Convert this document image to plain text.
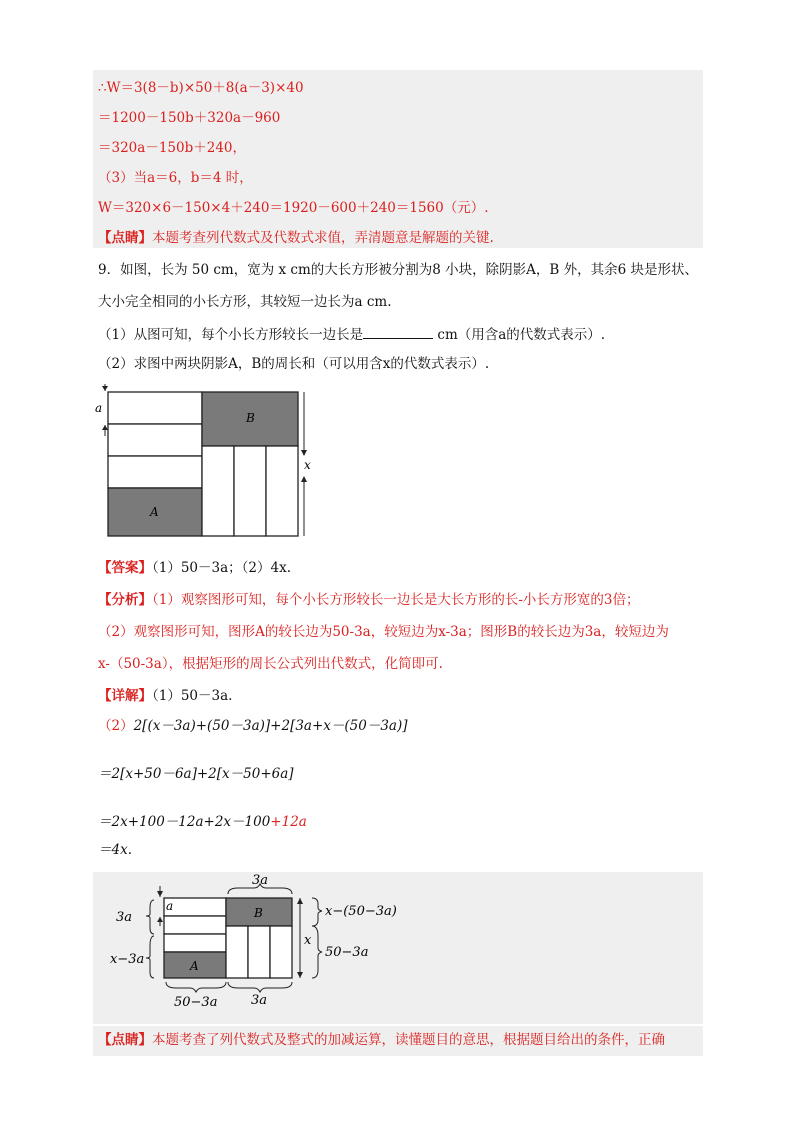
∴W＝3(8－b)×50＋8(a－3)×40
＝1200－150b＋320a－960
＝320a－150b＋240，
（3）当a＝6，b＝4 时，
W＝320×6－150×4＋240＝1920－600＋240＝1560（元）.
【点睛】本题考查列代数式及代数式求值，弄清题意是解题的关键.
9．如图，长为 50 cm，宽为 x cm的大长方形被分割为8 小块，除阴影A，B 外，其余6 块是形状、
大小完全相同的小长方形，其较短一边长为a cm.
（1）从图可知，每个小长方形较长一边长是	cm（用含a的代数式表示）.
（2）求图中两块阴影A，B的周长和（可以用含x的代数式表示）.
a
x
A
B
【答案】（1）50－3a；（2）4x.
【分析】（1）观察图形可知，每个小长方形较长一边长是大长方形的长-小长方形宽的3倍；
（2）观察图形可知，图形A的较长边为50-3a，较短边为x-3a；图形B的较长边为3a，较短边为
x-（50-3a），根据矩形的周长公式列出代数式，化简即可.
【详解】（1）50－3a.
（2）2[(x－3a)+(50－3a)]+2[3a+x－(50－3a)]
＝2[x+50－6a]+2[x－50+6a]
＝2x+100－12a+2x－100+12a
＝4x.
3a
3a
x−3a
a
50−3a	3a
x−(50−3a)
x
50−3a
A
B
【点睛】本题考查了列代数式及整式的加减运算，读懂题目的意思，根据题目给出的条件，正确
